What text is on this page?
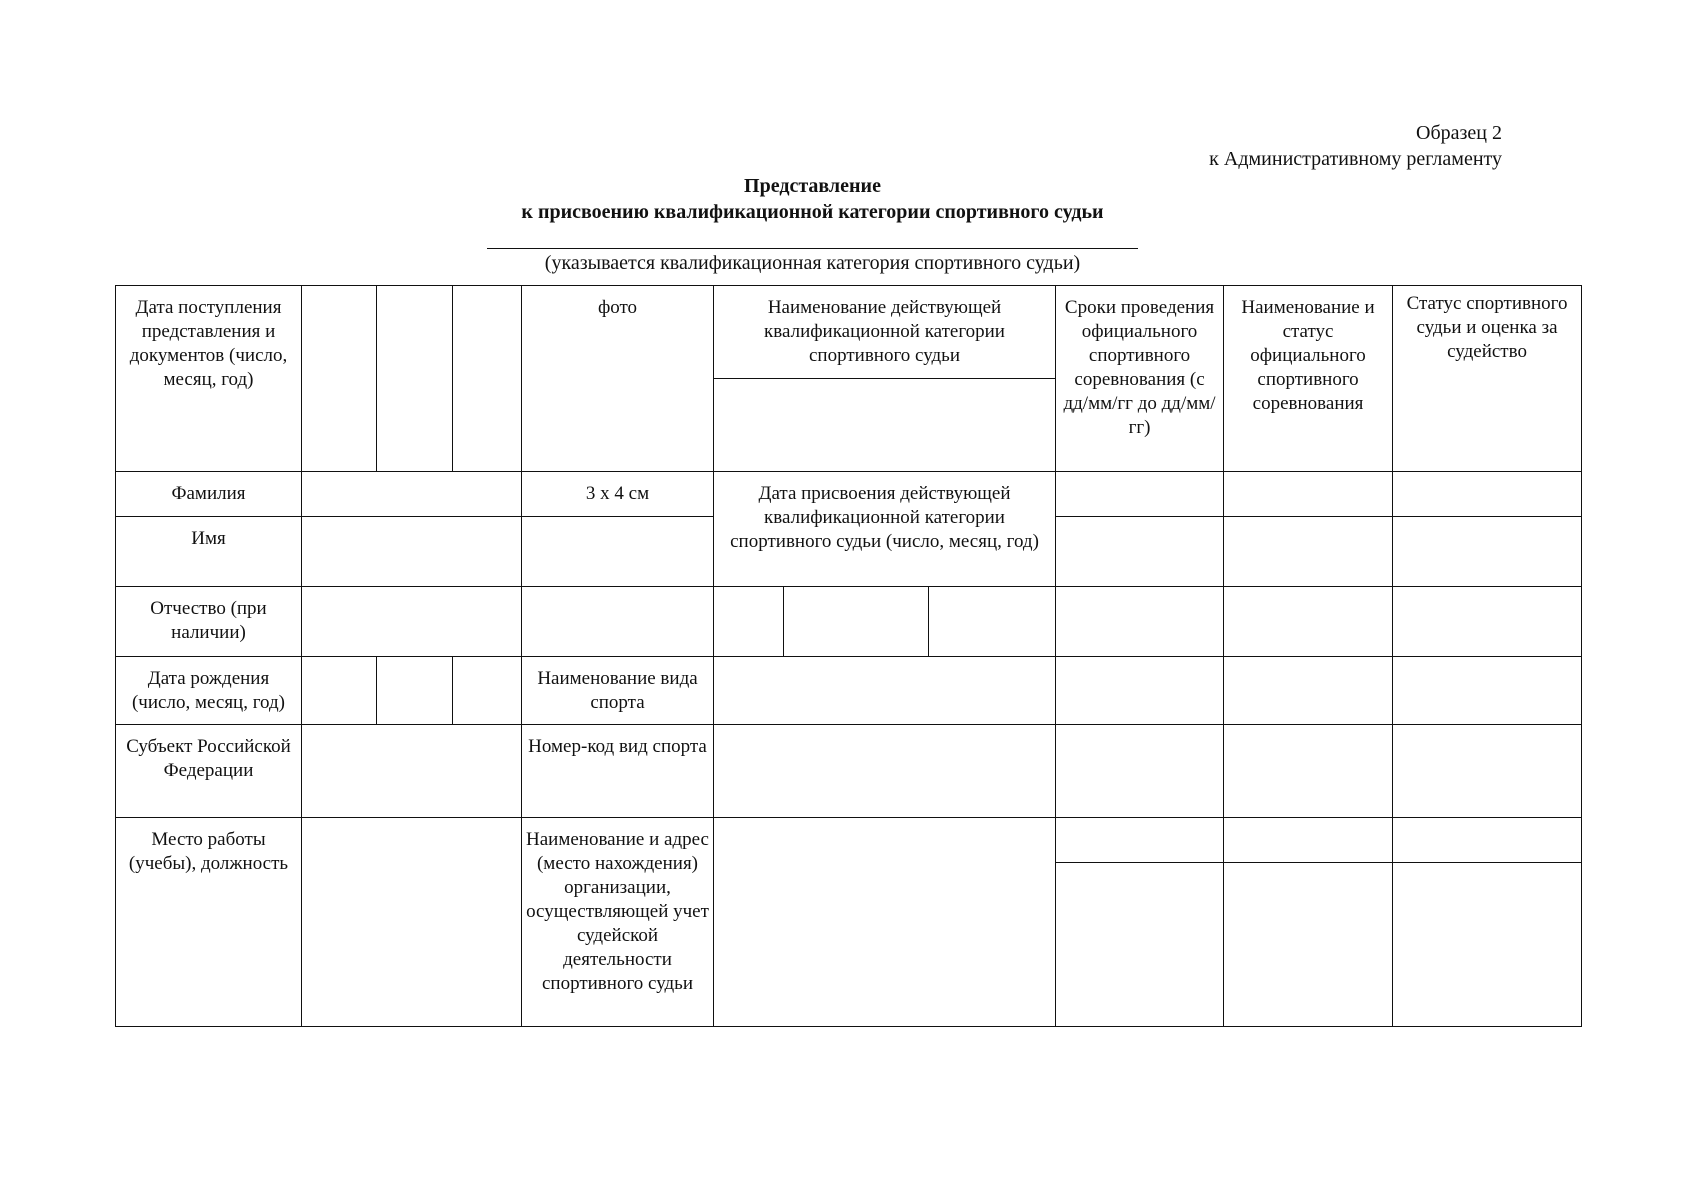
Образец 2
к Административному регламенту
Представление
к присвоению квалификационной категории спортивного судьи
(указывается квалификационная категория спортивного судьи)
Дата поступления представления и документов (число, месяц, год)				фото	Наименование действующей квалификационной категории спортивного судьи			Сроки проведения официального спортивного соревнования (с дд/мм/гг до дд/мм/гг)	Наименование и статус официального спортивного соревнования	Статус спортивного судьи и оценка за судейство

Фамилия				3 х 4 см	Дата присвоения действующей квалификационной категории спортивного судьи (число, месяц, год)					
Имя										
Отчество (при наличии)										
Дата рождения (число, месяц, год)				Наименование вида спорта						
Субъект Российской Федерации				Номер-код вид спорта						
Место работы (учебы), должность				Наименование и адрес (место нахождения) организации, осуществляющей учет судейской деятельности спортивного судьи						
